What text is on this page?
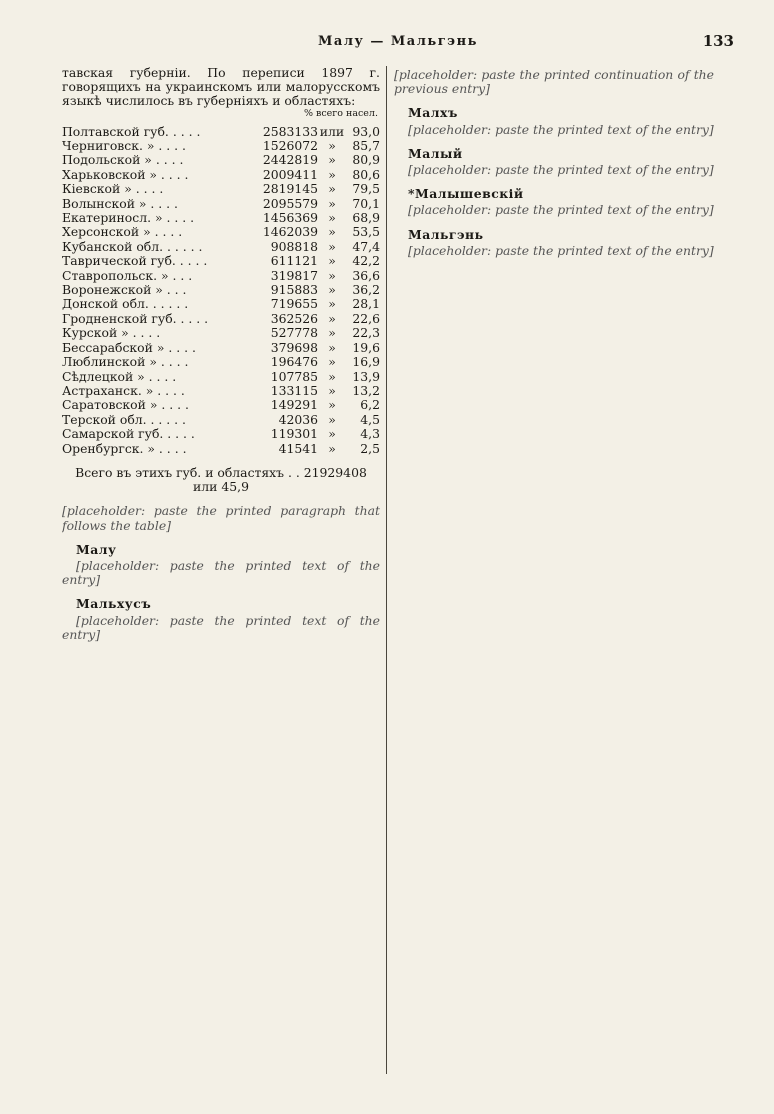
Малу — Мальгэнь	133

тавская губерніи. По переписи 1897 г. говорящихъ на украинскомъ или малорусскомъ языкѣ числилось въ губерніяхъ и областяхъ:

% всего насел.
Полтавской губ. . . . .	2583133	или	93,0
Черниговск. » . . . .	1526072	»	85,7
Подольской » . . . .	2442819	»	80,9
Харьковской » . . . .	2009411	»	80,6
Кіевской » . . . .	2819145	»	79,5
Волынской » . . . .	2095579	»	70,1
Екатериносл. » . . . .	1456369	»	68,9
Херсонской » . . . .	1462039	»	53,5
Кубанской обл. . . . . .	908818	»	47,4
Таврической губ. . . . .	611121	»	42,2
Ставропольск. » . . .	319817	»	36,6
Воронежской » . . .	915883	»	36,2
Донской обл. . . . . .	719655	»	28,1
Гродненской губ. . . . .	362526	»	22,6
Курской » . . . .	527778	»	22,3
Бессарабской » . . . .	379698	»	19,6
Люблинской » . . . .	196476	»	16,9
Сѣдлецкой » . . . .	107785	»	13,9
Астраханск. » . . . .	133115	»	13,2
Саратовской » . . . .	149291	»	6,2
Терской обл. . . . . .	42036	»	4,5
Самарской губ. . . . .	119301	»	4,3
Оренбургск. » . . . .	41541	»	2,5
Всего въ этихъ губ. и областяхъ . . 21929408 или 45,9
[placeholder: paste the printed paragraph that follows the table]

Малу
[placeholder: paste the printed text of the entry]

Мальхусъ
[placeholder: paste the printed text of the entry]

[placeholder: paste the printed continuation of the previous entry]

Малхъ
[placeholder: paste the printed text of the entry]

Малый
[placeholder: paste the printed text of the entry]

*Малышевскій
[placeholder: paste the printed text of the entry]

Мальгэнь
[placeholder: paste the printed text of the entry]
